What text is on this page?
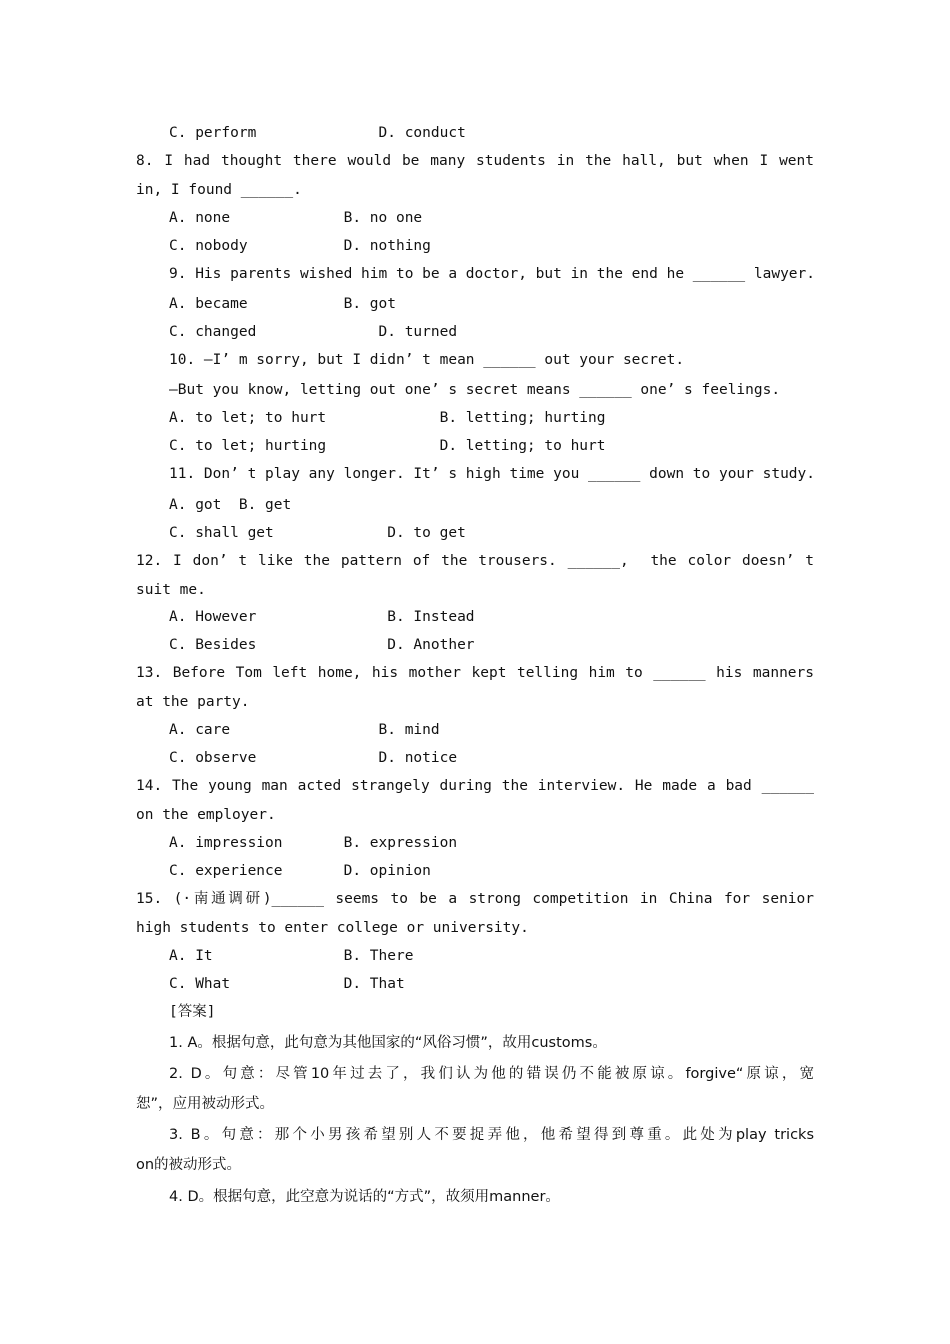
C. perform              D. conduct
8. I had thought there would be many students in the hall, but when I went
in, I found ______.
A. none             B. no one
C. nobody           D. nothing
9. His parents wished him to be a doctor, but in the end he ______ lawyer.
A. became           B. got
C. changed              D. turned
10. —I’ m sorry, but I didn’ t mean ______ out your secret.
—But you know, letting out one’ s secret means ______ one’ s feelings.
A. to let; to hurt             B. letting; hurting
C. to let; hurting             D. letting; to hurt
11. Don’ t play any longer. It’ s high time you ______ down to your study.
A. got  B. get
C. shall get             D. to get
12. I don’ t like the pattern of the trousers. ______,  the color doesn’ t
suit me.
A. However               B. Instead
C. Besides               D. Another
13. Before Tom left home, his mother kept telling him to ______ his manners
at the party.
A. care                 B. mind
C. observe              D. notice
14. The young man acted strangely during the interview. He made a bad ______
on the employer.
A. impression       B. expression
C. experience       D. opinion
15. (·南通调研)______ seems to be a strong competition in China for senior
high students to enter college or university.
A. It               B. There
C. What             D. That
[答案]
1. A。根据句意，此句意为其他国家的“风俗习惯”，故用customs。
2. D。句意：尽管10年过去了，我们认为他的错误仍不能被原谅。forgive“原谅，宽
恕”，应用被动形式。
3. B。句意：那个小男孩希望别人不要捉弄他，他希望得到尊重。此处为play tricks
on的被动形式。
4. D。根据句意，此空意为说话的“方式”，故须用manner。
